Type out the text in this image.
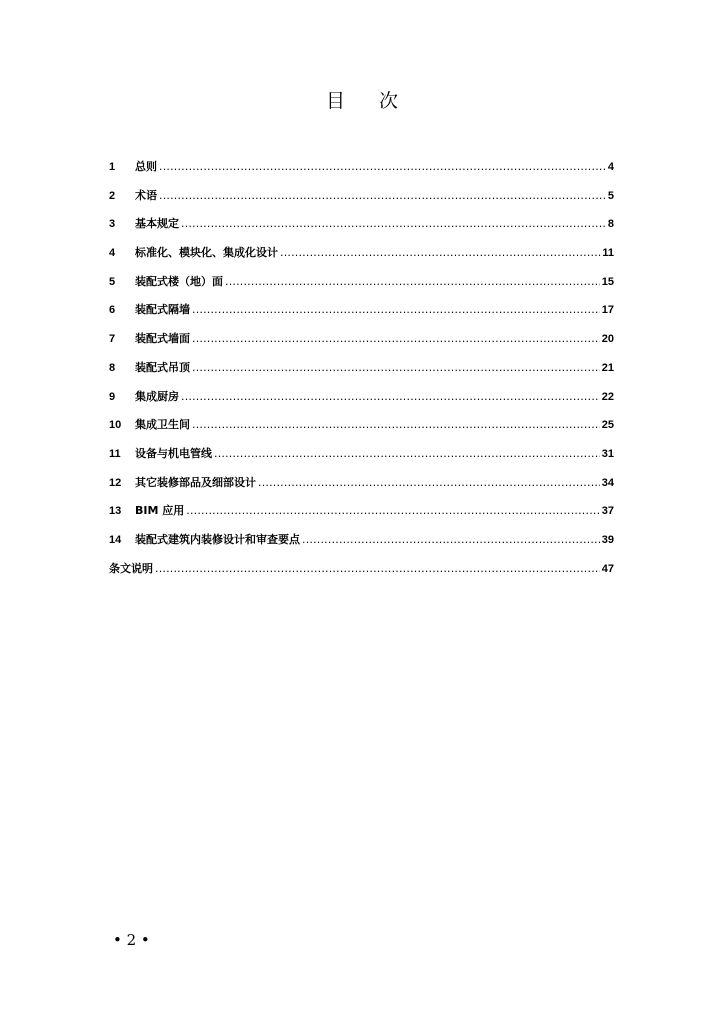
目 次
1	总则 .....	4
2	术语 .....	5
3	基本规定 .....	8
4	标准化、模块化、集成化设计 .....	11
5	装配式楼（地）面 .....	15
6	装配式隔墙 .....	17
7	装配式墙面 .....	20
8	装配式吊顶 .....	21
9	集成厨房 .....	22
10	集成卫生间 .....	25
11	设备与机电管线 .....	31
12	其它装修部品及细部设计 .....	34
13	BIM 应用 .....	37
14	装配式建筑内装修设计和审查要点 .....	39
条文说明 .....	47
• 2 •
